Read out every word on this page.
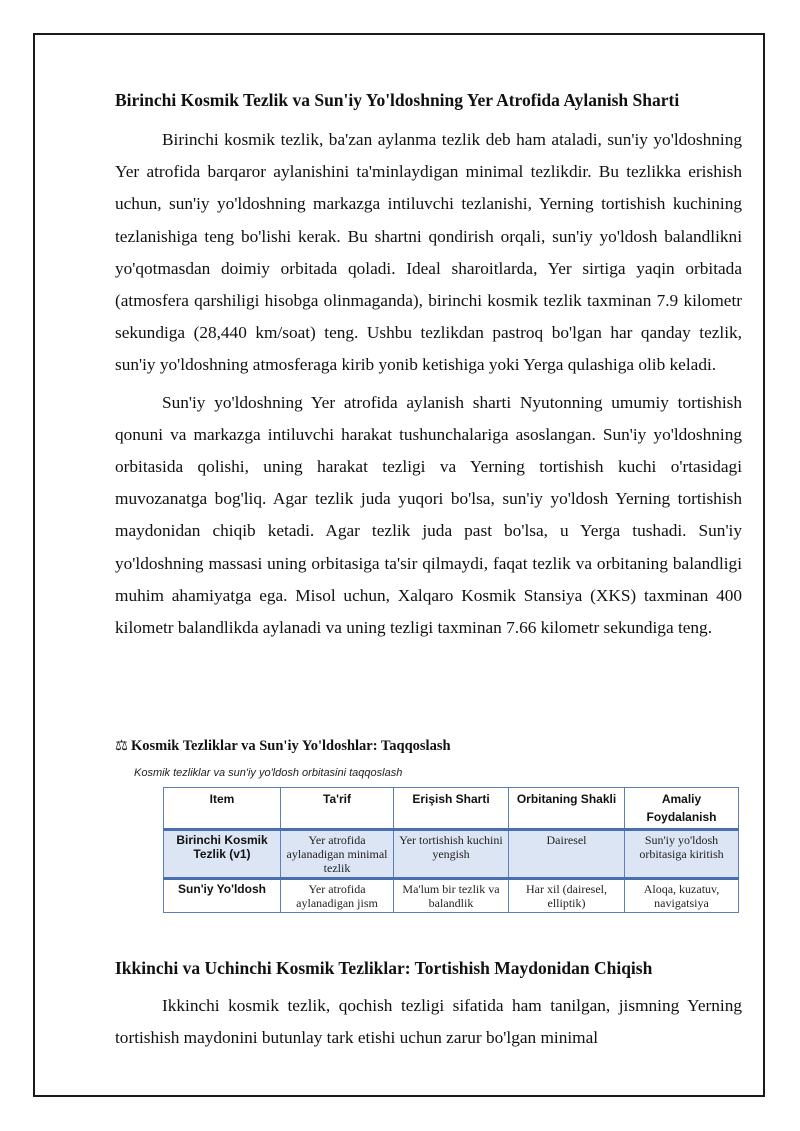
Birinchi Kosmik Tezlik va Sun'iy Yo'ldoshning Yer Atrofida Aylanish Sharti

Birinchi kosmik tezlik, ba'zan aylanma tezlik deb ham ataladi, sun'iy yo'ldoshning Yer atrofida barqaror aylanishini ta'minlaydigan minimal tezlikdir. Bu tezlikka erishish uchun, sun'iy yo'ldoshning markazga intiluvchi tezlanishi, Yerning tortishish kuchining tezlanishiga teng bo'lishi kerak. Bu shartni qondirish orqali, sun'iy yo'ldosh balandlikni yo'qotmasdan doimiy orbitada qoladi. Ideal sharoitlarda, Yer sirtiga yaqin orbitada (atmosfera qarshiligi hisobga olinmaganda), birinchi kosmik tezlik taxminan 7.9 kilometr sekundiga (28,440 km/soat) teng. Ushbu tezlikdan pastroq bo'lgan har qanday tezlik, sun'iy yo'ldoshning atmosferaga kirib yonib ketishiga yoki Yerga qulashiga olib keladi.

Sun'iy yo'ldoshning Yer atrofida aylanish sharti Nyutonning umumiy tortishish qonuni va markazga intiluvchi harakat tushunchalariga asoslangan. Sun'iy yo'ldoshning orbitasida qolishi, uning harakat tezligi va Yerning tortishish kuchi o'rtasidagi muvozanatga bog'liq. Agar tezlik juda yuqori bo'lsa, sun'iy yo'ldosh Yerning tortishish maydonidan chiqib ketadi. Agar tezlik juda past bo'lsa, u Yerga tushadi. Sun'iy yo'ldoshning massasi uning orbitasiga ta'sir qilmaydi, faqat tezlik va orbitaning balandligi muhim ahamiyatga ega. Misol uchun, Xalqaro Kosmik Stansiya (XKS) taxminan 400 kilometr balandlikda aylanadi va uning tezligi taxminan 7.66 kilometr sekundiga teng.

⚖ Kosmik Tezliklar va Sun'iy Yo'ldoshlar: Taqqoslash
Kosmik tezliklar va sun'iy yo'ldosh orbitasini taqqoslash
Item	Ta'rif	Erişish Sharti	Orbitaning Shakli	Amaliy Foydalanish
Birinchi Kosmik Tezlik (v1)	Yer atrofida aylanadigan minimal tezlik	Yer tortishish kuchini yengish	Dairesel	Sun'iy yo'ldosh orbitasiga kiritish
Sun'iy Yo'ldosh	Yer atrofida aylanadigan jism	Ma'lum bir tezlik va balandlik	Har xil (dairesel, elliptik)	Aloqa, kuzatuv, navigatsiya
Ikkinchi va Uchinchi Kosmik Tezliklar: Tortishish Maydonidan Chiqish

Ikkinchi kosmik tezlik, qochish tezligi sifatida ham tanilgan, jismning Yerning tortishish maydonini butunlay tark etishi uchun zarur bo'lgan minimal
